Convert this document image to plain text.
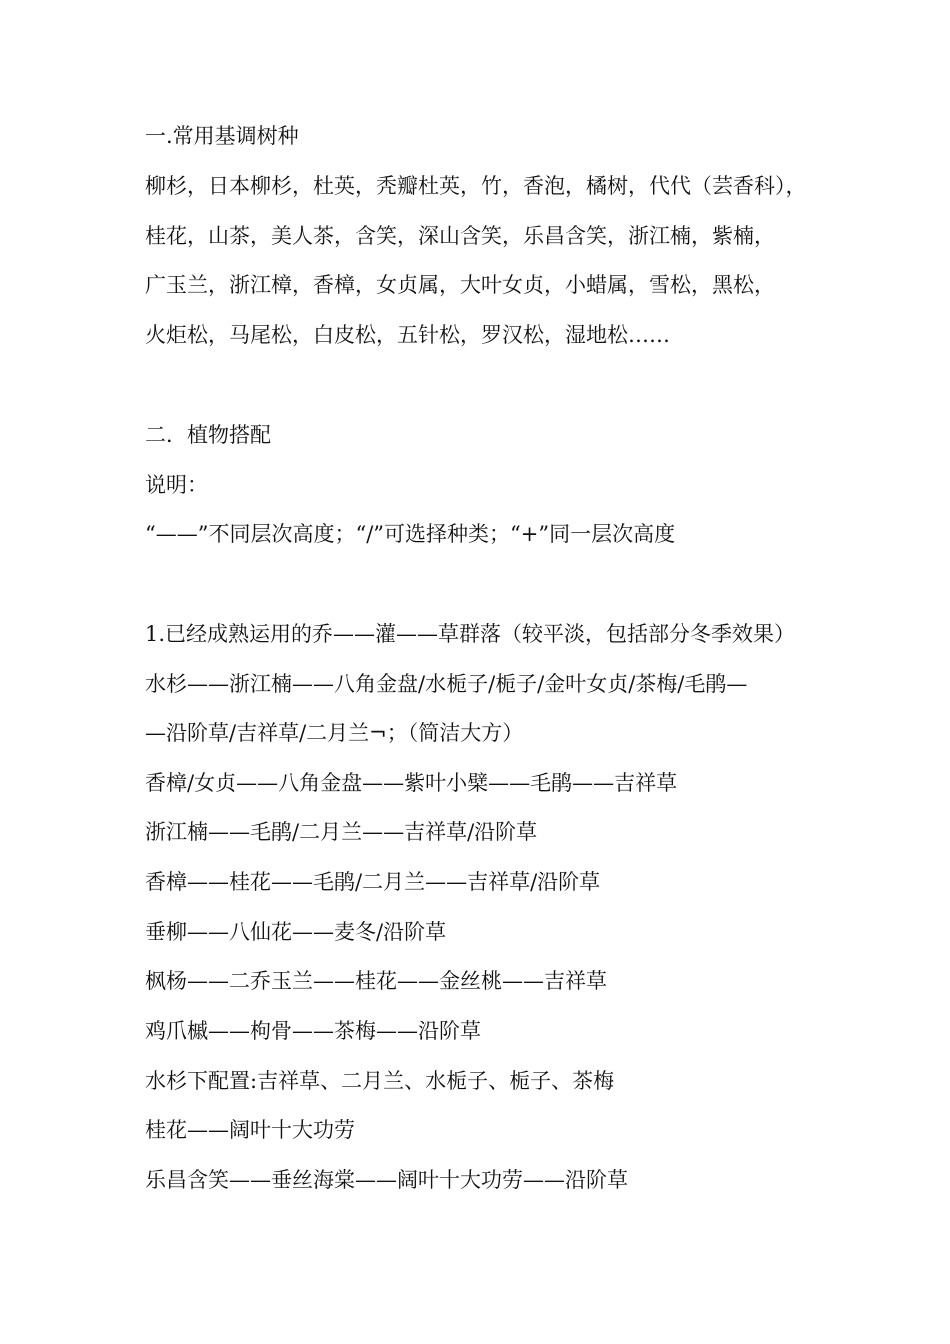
一.常用基调树种
柳杉，日本柳杉，杜英，秃瓣杜英，竹，香泡，橘树，代代（芸香科），
桂花，山茶，美人茶，含笑，深山含笑，乐昌含笑，浙江楠，紫楠，
广玉兰，浙江樟，香樟，女贞属，大叶女贞，小蜡属，雪松，黑松，
火炬松，马尾松，白皮松，五针松，罗汉松，湿地松……
二．植物搭配
说明：
“——”不同层次高度；“/”可选择种类；“+”同一层次高度
1.已经成熟运用的乔——灌——草群落（较平淡，包括部分冬季效果）
水杉——浙江楠——八角金盘/水栀子/栀子/金叶女贞/茶梅/毛鹃—
—沿阶草/吉祥草/二月兰¬；（简洁大方）
香樟/女贞——八角金盘——紫叶小檗——毛鹃——吉祥草
浙江楠——毛鹃/二月兰——吉祥草/沿阶草
香樟——桂花——毛鹃/二月兰——吉祥草/沿阶草
垂柳——八仙花——麦冬/沿阶草
枫杨——二乔玉兰——桂花——金丝桃——吉祥草
鸡爪槭——枸骨——茶梅——沿阶草
水杉下配置:吉祥草、二月兰、水栀子、栀子、茶梅
桂花——阔叶十大功劳
乐昌含笑——垂丝海棠——阔叶十大功劳——沿阶草
